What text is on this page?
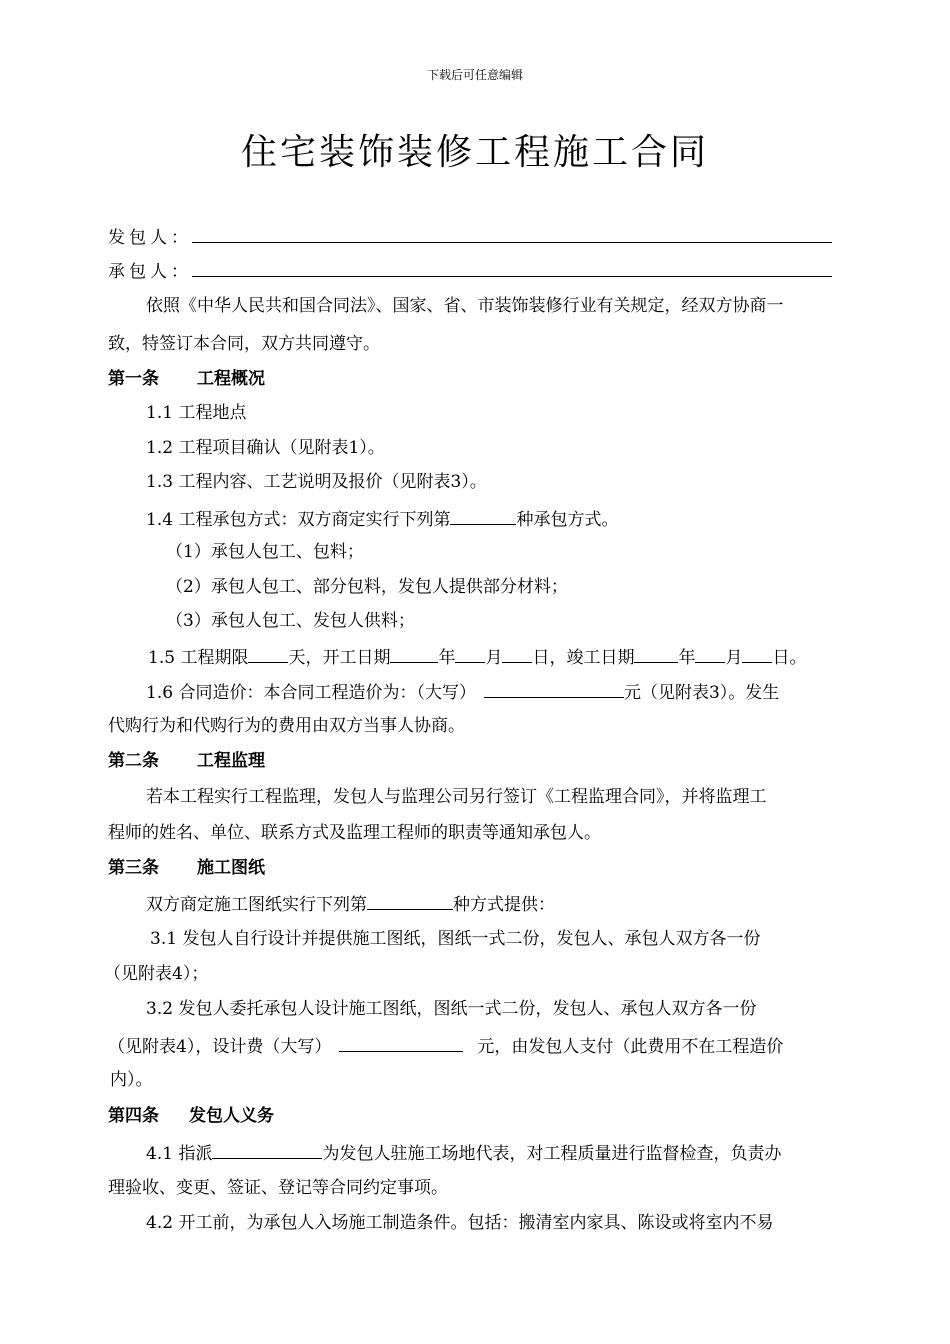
下载后可任意编辑
住宅装饰装修工程施工合同
发包人：
承包人：
依照《中华人民共和国合同法》、国家、省、市装饰装修行业有关规定，经双方协商一
致，特签订本合同，双方共同遵守。
第一条 工程概况
1.1 工程地点
1.2 工程项目确认（见附表1）。
1.3 工程内容、工艺说明及报价（见附表3）。
1.4 工程承包方式：双方商定实行下列第	种承包方式。
（1）承包人包工、包料；
（2）承包人包工、部分包料，发包人提供部分材料；
（3）承包人包工、发包人供料；
1.5 工程期限 天，开工日期	年 月 日，竣工日期	年 月 日。
1.6 合同造价：本合同工程造价为：（大写）	元（见附表3）。发生
代购行为和代购行为的费用由双方当事人协商。
第二条 工程监理
若本工程实行工程监理，发包人与监理公司另行签订《工程监理合同》，并将监理工
程师的姓名、单位、联系方式及监理工程师的职责等通知承包人。
第三条 施工图纸
双方商定施工图纸实行下列第	种方式提供：
3.1 发包人自行设计并提供施工图纸，图纸一式二份，发包人、承包人双方各一份
（见附表4）；
3.2 发包人委托承包人设计施工图纸，图纸一式二份，发包人、承包人双方各一份
（见附表4），设计费（大写）	元，由发包人支付（此费用不在工程造价
内）。
第四条 发包人义务
4.1 指派	为发包人驻施工场地代表，对工程质量进行监督检查，负责办
理验收、变更、签证、登记等合同约定事项。
4.2 开工前，为承包人入场施工制造条件。包括：搬清室内家具、陈设或将室内不易
